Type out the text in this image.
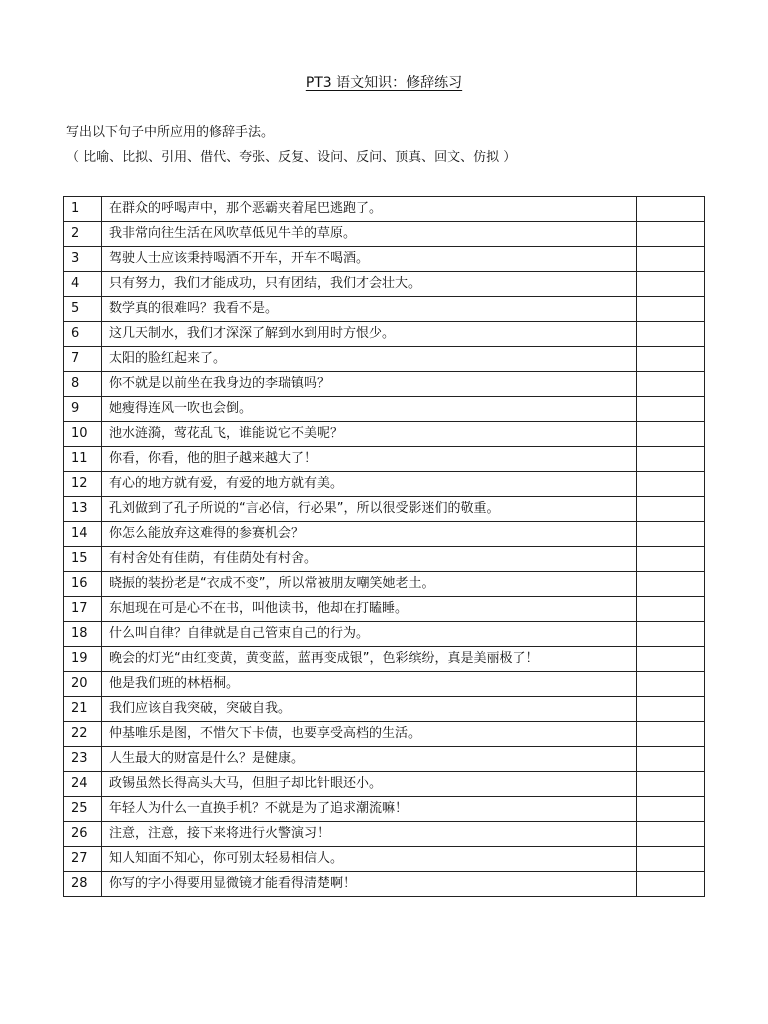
PT3 语文知识：修辞练习
写出以下句子中所应用的修辞手法。
（ 比喻、比拟、引用、借代、夸张、反复、设问、反问、顶真、回文、仿拟 ）
1	在群众的呼喝声中，那个恶霸夹着尾巴逃跑了。	
2	我非常向往生活在风吹草低见牛羊的草原。	
3	驾驶人士应该秉持喝酒不开车，开车不喝酒。	
4	只有努力，我们才能成功，只有团结，我们才会壮大。	
5	数学真的很难吗？我看不是。	
6	这几天制水，我们才深深了解到水到用时方恨少。	
7	太阳的脸红起来了。	
8	你不就是以前坐在我身边的李瑞镇吗？	
9	她瘦得连风一吹也会倒。	
10	池水涟漪，莺花乱飞，谁能说它不美呢？	
11	你看，你看，他的胆子越来越大了！	
12	有心的地方就有爱，有爱的地方就有美。	
13	孔刘做到了孔子所说的“言必信，行必果”，所以很受影迷们的敬重。	
14	你怎么能放弃这难得的参赛机会？	
15	有村舍处有佳荫，有佳荫处有村舍。	
16	晓振的装扮老是“衣成不变”，所以常被朋友嘲笑她老土。	
17	东旭现在可是心不在书，叫他读书，他却在打瞌睡。	
18	什么叫自律？自律就是自己管束自己的行为。	
19	晚会的灯光“由红变黄，黄变蓝，蓝再变成银”，色彩缤纷，真是美丽极了！	
20	他是我们班的林梧桐。	
21	我们应该自我突破，突破自我。	
22	仲基唯乐是图，不惜欠下卡债，也要享受高档的生活。	
23	人生最大的财富是什么？是健康。	
24	政锡虽然长得高头大马，但胆子却比针眼还小。	
25	年轻人为什么一直换手机？不就是为了追求潮流嘛！	
26	注意，注意，接下来将进行火警演习！	
27	知人知面不知心，你可别太轻易相信人。	
28	你写的字小得要用显微镜才能看得清楚啊！	
